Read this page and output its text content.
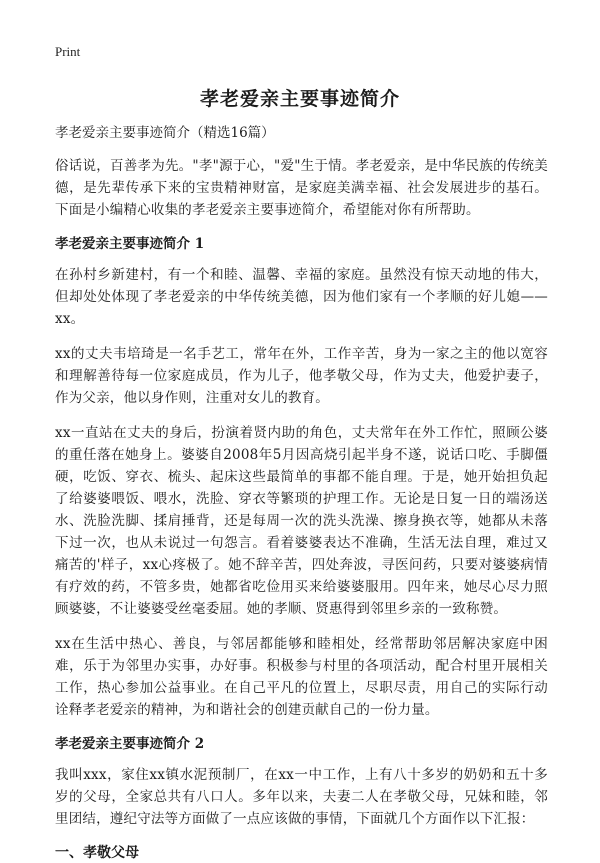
Print
孝老爱亲主要事迹简介
孝老爱亲主要事迹简介（精选16篇）

俗话说，百善孝为先。"孝"源于心，"爱"生于情。孝老爱亲，是中华民族的传统美德，是先辈传承下来的宝贵精神财富，是家庭美满幸福、社会发展进步的基石。下面是小编精心收集的孝老爱亲主要事迹简介，希望能对你有所帮助。

孝老爱亲主要事迹简介 1

在孙村乡新建村，有一个和睦、温馨、幸福的家庭。虽然没有惊天动地的伟大，但却处处体现了孝老爱亲的中华传统美德，因为他们家有一个孝顺的好儿媳——xx。

xx的丈夫韦培琦是一名手艺工，常年在外，工作辛苦，身为一家之主的他以宽容和理解善待每一位家庭成员，作为儿子，他孝敬父母，作为丈夫，他爱护妻子，作为父亲，他以身作则，注重对女儿的教育。

xx一直站在丈夫的身后，扮演着贤内助的角色，丈夫常年在外工作忙，照顾公婆的重任落在她身上。婆婆自2008年5月因高烧引起半身不遂，说话口吃、手脚僵硬，吃饭、穿衣、梳头、起床这些最简单的事都不能自理。于是，她开始担负起了给婆婆喂饭、喂水，洗脸、穿衣等繁琐的护理工作。无论是日复一日的端汤送水、洗脸洗脚、揉肩捶背，还是每周一次的洗头洗澡、擦身换衣等，她都从未落下过一次，也从未说过一句怨言。看着婆婆表达不准确，生活无法自理，难过又痛苦的'样子，xx心疼极了。她不辞辛苦，四处奔波，寻医问药，只要对婆婆病情有疗效的药，不管多贵，她都省吃俭用买来给婆婆服用。四年来，她尽心尽力照顾婆婆，不让婆婆受丝毫委屈。她的孝顺、贤惠得到邻里乡亲的一致称赞。

xx在生活中热心、善良，与邻居都能够和睦相处，经常帮助邻居解决家庭中困难，乐于为邻里办实事，办好事。积极参与村里的各项活动，配合村里开展相关工作，热心参加公益事业。在自己平凡的位置上，尽职尽责，用自己的实际行动诠释孝老爱亲的精神，为和谐社会的创建贡献自己的一份力量。

孝老爱亲主要事迹简介 2

我叫xxx，家住xx镇水泥预制厂，在xx一中工作，上有八十多岁的奶奶和五十多岁的父母，全家总共有八口人。多年以来，夫妻二人在孝敬父母，兄妹和睦，邻里团结，遵纪守法等方面做了一点应该做的事情，下面就几个方面作以下汇报：

一、孝敬父母
